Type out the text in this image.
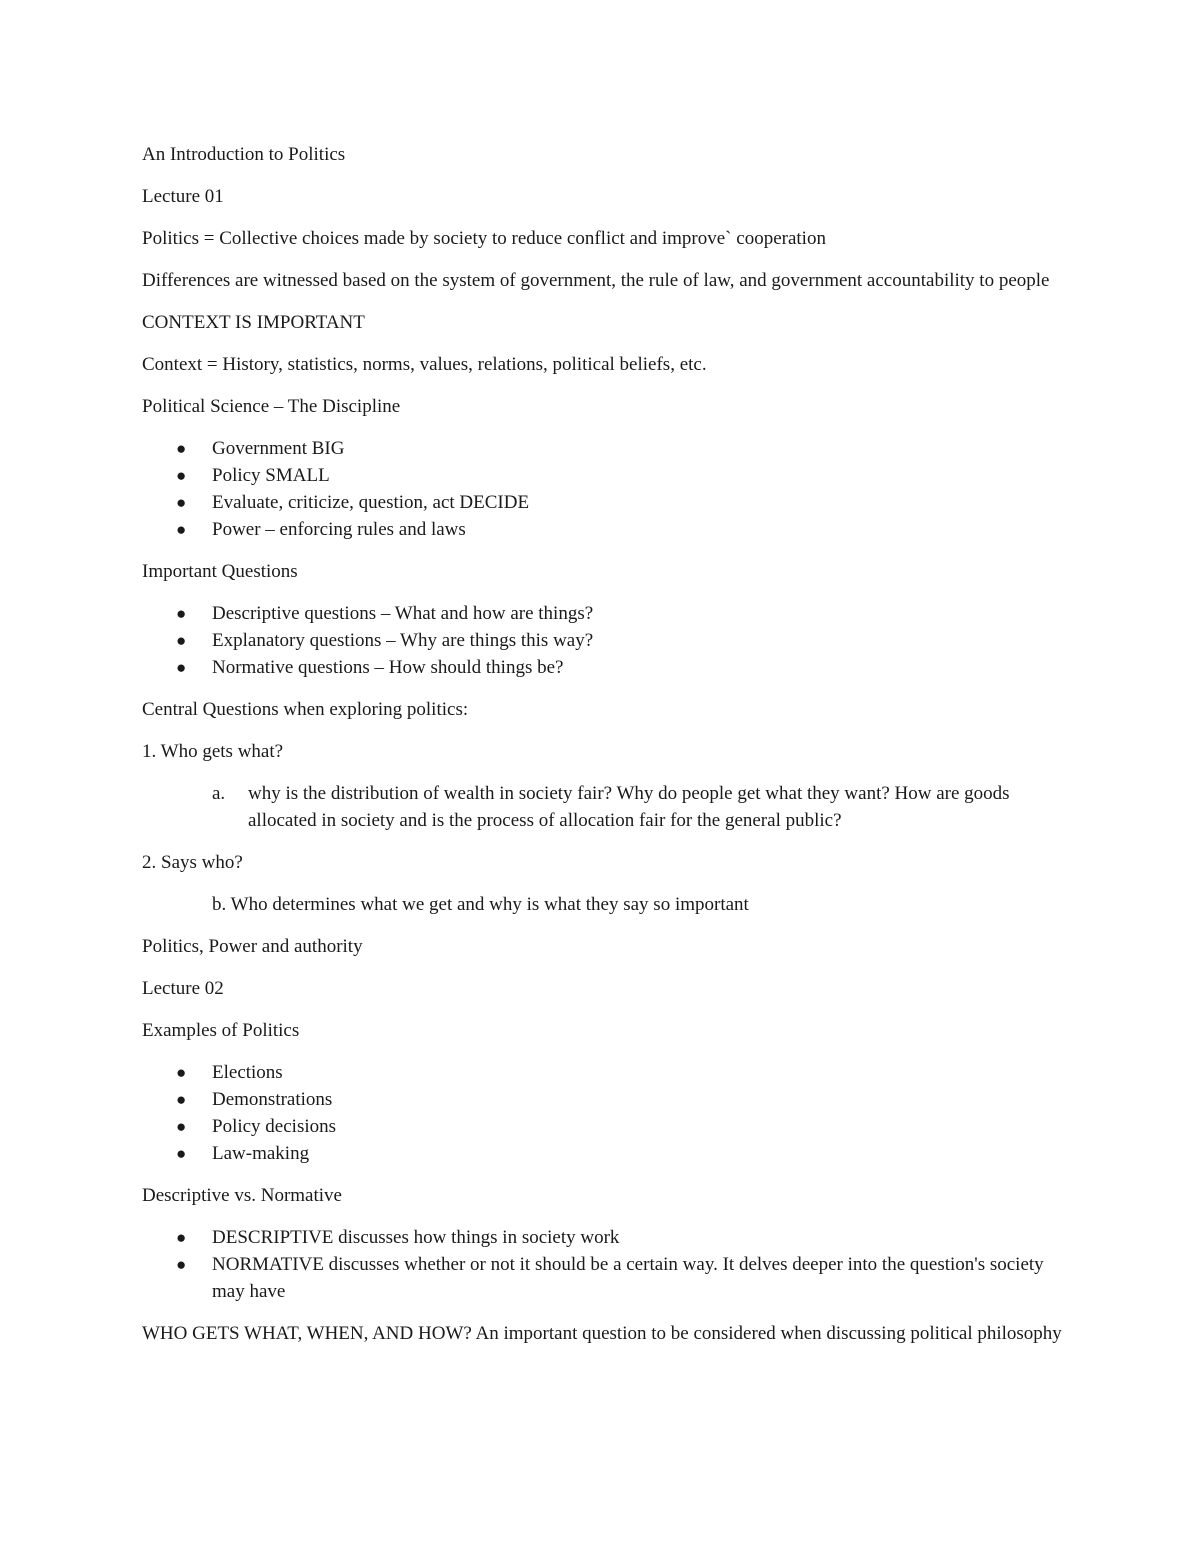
An Introduction to Politics

Lecture 01

Politics = Collective choices made by society to reduce conflict and improve` cooperation

Differences are witnessed based on the system of government, the rule of law, and government accountability to people

CONTEXT IS IMPORTANT

Context = History, statistics, norms, values, relations, political beliefs, etc.

Political Science – The Discipline

● Government BIG
● Policy SMALL
● Evaluate, criticize, question, act DECIDE
● Power – enforcing rules and laws

Important Questions

● Descriptive questions – What and how are things?
● Explanatory questions – Why are things this way?
● Normative questions – How should things be?

Central Questions when exploring politics:

1. Who gets what?

a. why is the distribution of wealth in society fair? Why do people get what they want? How are goods allocated in society and is the process of allocation fair for the general public?

2. Says who?

b. Who determines what we get and why is what they say so important

Politics, Power and authority

Lecture 02

Examples of Politics

● Elections
● Demonstrations
● Policy decisions
● Law-making

Descriptive vs. Normative

● DESCRIPTIVE discusses how things in society work
● NORMATIVE discusses whether or not it should be a certain way. It delves deeper into the question's society may have

WHO GETS WHAT, WHEN, AND HOW? An important question to be considered when discussing political philosophy
